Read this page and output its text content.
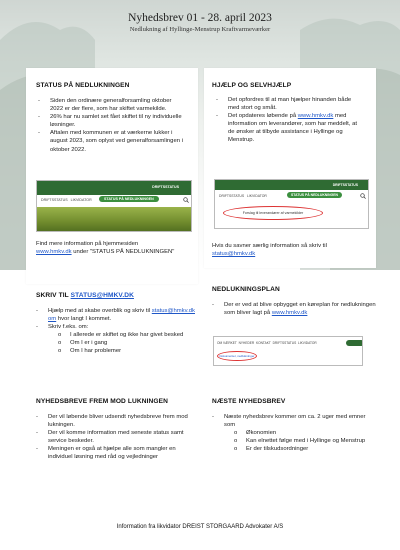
Nyhedsbrev 01 - 28. april 2023
Nedlukning af Hyllinge-Menstrup Kraftvarmeværker
STATUS PÅ NEDLUKNINGEN
- Siden den ordinære generalforsamling oktober 2022 er der flere, som har skiftet varmekilde.
- 26% har nu samlet set fået skiftet til ny individuelle løsninger.
- Aftalen med kommunen er at værkerne lukker i august 2023, som oplyst ved generalforsamlingen i oktober 2022.
DRIFTSSTATUS
DRIFTSSTATUS LIKVIDATOR	STATUS PÅ NEDLUKNINGEN
Find mere information på hjemmesiden
www.hmkv.dk under "STATUS PÅ NEDLUKNINGEN"
HJÆLP OG SELVHJÆLP
- Det opfordres til at man hjælper hinanden både med stort og småt.
- Det opdateres løbende på www.hmkv.dk med information om leverandører, som har meddelt, at de ønsker at tilbyde assistance i Hyllinge og Menstrup.
DRIFTSSTATUS
DRIFTSSTATUS LIKVIDATOR	STATUS PÅ NEDLUKNINGEN
Forslag til leverandører af varmekilder
Hvis du savner særlig information så skriv til
status@hmkv.dk
SKRIV TIL STATUS@HMKV.DK
- Hjælp med at skabe overblik og skriv til status@hmkv.dk om hvor langt I kommet.
- Skriv f.eks. om:
o I allerede er skiftet og ikke har givet besked
o Om I er i gang
o Om I har problemer
NEDLUKNINGSPLAN
- Der er ved at blive opbygget en køreplan for nedlukningen som bliver lagt på www.hmkv.dk
OM VÆRKET NYHEDER KONTAKT DRIFTSSTATUS LIKVIDATOR
Dokumenter, nedlukninger
NYHEDSBREVE FREM MOD LUKNINGEN
- Der vil løbende bliver udsendt nyhedsbreve frem mod lukningen.
- Der vil komme information med seneste status samt service beskeder.
- Meningen er også at hjælpe alle som mangler en individuel løsning med råd og vejledninger
NÆSTE NYHEDSBREV
- Næste nyhedsbrev kommer om ca. 2 uger med emner som
o Økonomien
o Kan elnettet følge med i Hyllinge og Menstrup
o Er der tilskudsordninger
Information fra likvidator DREIST STORGAARD Advokater A/S
